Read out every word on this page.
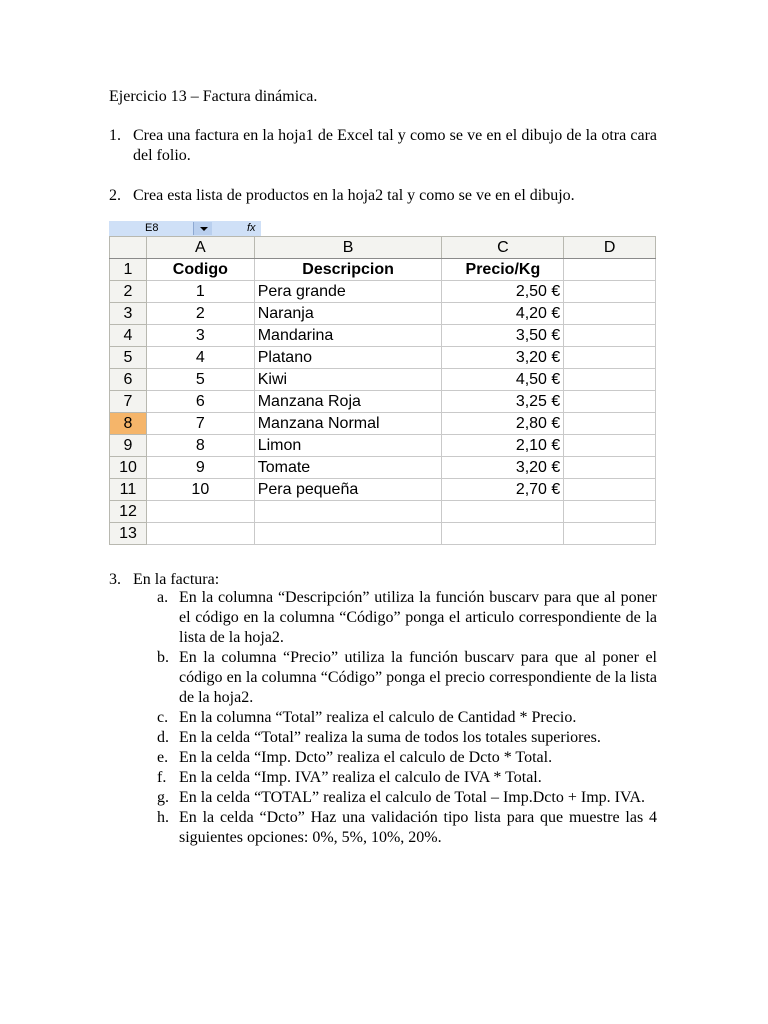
Ejercicio 13 – Factura dinámica.
1. Crea una factura en la hoja1 de Excel tal y como se ve en el dibujo de la otra cara del folio.
2. Crea esta lista de productos en la hoja2 tal y como se ve en el dibujo.
E8	fx
	A	B	C	D
1	Codigo	Descripcion	Precio/Kg	
2	1	Pera grande	2,50 €	
3	2	Naranja	4,20 €	
4	3	Mandarina	3,50 €	
5	4	Platano	3,20 €	
6	5	Kiwi	4,50 €	
7	6	Manzana Roja	3,25 €	
8	7	Manzana Normal	2,80 €	
9	8	Limon	2,10 €	
10	9	Tomate	3,20 €	
11	10	Pera pequeña	2,70 €	
12				
13				
3. En la factura:
a. En la columna “Descripción” utiliza la función buscarv para que al poner el código en la columna “Código” ponga el articulo correspondiente de la lista de la hoja2.
b. En la columna “Precio” utiliza la función buscarv para que al poner el código en la columna “Código” ponga el precio correspondiente de la lista de la hoja2.
c. En la columna “Total” realiza el calculo de Cantidad * Precio.
d. En la celda “Total” realiza la suma de todos los totales superiores.
e. En la celda “Imp. Dcto” realiza el calculo de Dcto * Total.
f. En la celda “Imp. IVA” realiza el calculo de IVA * Total.
g. En la celda “TOTAL” realiza el calculo de Total – Imp.Dcto + Imp. IVA.
h. En la celda “Dcto” Haz una validación tipo lista para que muestre las 4 siguientes opciones: 0%, 5%, 10%, 20%.
